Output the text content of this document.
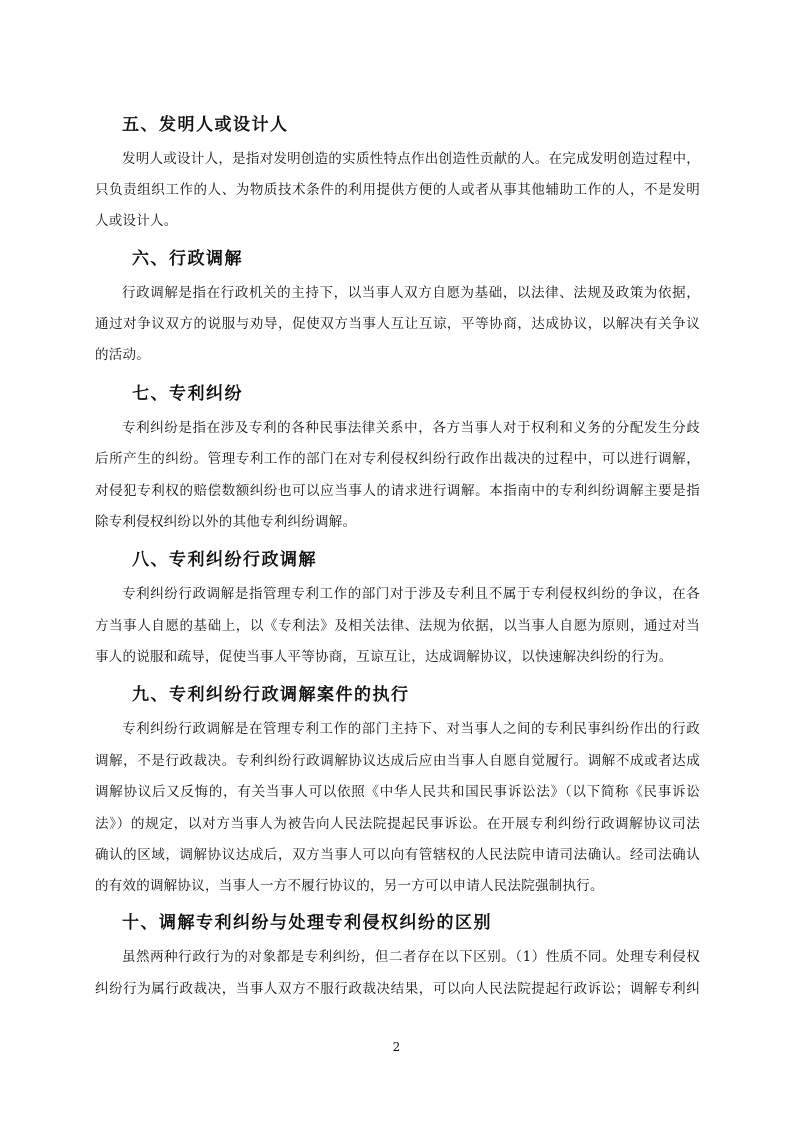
五、发明人或设计人

发明人或设计人，是指对发明创造的实质性特点作出创造性贡献的人。在完成发明创造过程中，

只负责组织工作的人、为物质技术条件的利用提供方便的人或者从事其他辅助工作的人，不是发明

人或设计人。

六、行政调解

行政调解是指在行政机关的主持下，以当事人双方自愿为基础，以法律、法规及政策为依据，

通过对争议双方的说服与劝导，促使双方当事人互让互谅，平等协商，达成协议，以解决有关争议

的活动。

七、专利纠纷

专利纠纷是指在涉及专利的各种民事法律关系中，各方当事人对于权利和义务的分配发生分歧

后所产生的纠纷。管理专利工作的部门在对专利侵权纠纷行政作出裁决的过程中，可以进行调解，

对侵犯专利权的赔偿数额纠纷也可以应当事人的请求进行调解。本指南中的专利纠纷调解主要是指

除专利侵权纠纷以外的其他专利纠纷调解。

八、专利纠纷行政调解

专利纠纷行政调解是指管理专利工作的部门对于涉及专利且不属于专利侵权纠纷的争议，在各

方当事人自愿的基础上，以《专利法》及相关法律、法规为依据，以当事人自愿为原则，通过对当

事人的说服和疏导，促使当事人平等协商，互谅互让，达成调解协议，以快速解决纠纷的行为。

九、专利纠纷行政调解案件的执行

专利纠纷行政调解是在管理专利工作的部门主持下、对当事人之间的专利民事纠纷作出的行政

调解，不是行政裁决。专利纠纷行政调解协议达成后应由当事人自愿自觉履行。调解不成或者达成

调解协议后又反悔的，有关当事人可以依照《中华人民共和国民事诉讼法》（以下简称《民事诉讼

法》）的规定，以对方当事人为被告向人民法院提起民事诉讼。在开展专利纠纷行政调解协议司法

确认的区域，调解协议达成后，双方当事人可以向有管辖权的人民法院申请司法确认。经司法确认

的有效的调解协议，当事人一方不履行协议的，另一方可以申请人民法院强制执行。

十、调解专利纠纷与处理专利侵权纠纷的区别

虽然两种行政行为的对象都是专利纠纷，但二者存在以下区别。（1）性质不同。处理专利侵权

纠纷行为属行政裁决，当事人双方不服行政裁决结果，可以向人民法院提起行政诉讼；调解专利纠

2
